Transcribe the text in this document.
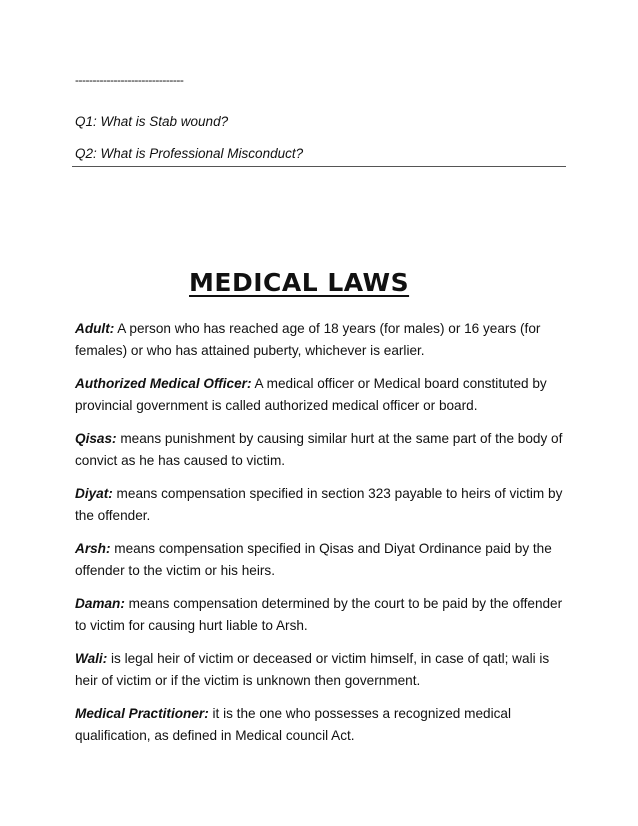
-------------------------------
Q1: What is Stab wound?
Q2: What is Professional Misconduct?
MEDICAL LAWS
Adult: A person who has reached age of 18 years (for males) or 16 years (for females) or who has attained puberty, whichever is earlier.
Authorized Medical Officer: A medical officer or Medical board constituted by provincial government is called authorized medical officer or board.
Qisas: means punishment by causing similar hurt at the same part of the body of convict as he has caused to victim.
Diyat: means compensation specified in section 323 payable to heirs of victim by the offender.
Arsh: means compensation specified in Qisas and Diyat Ordinance paid by the offender to the victim or his heirs.
Daman: means compensation determined by the court to be paid by the offender to victim for causing hurt liable to Arsh.
Wali: is legal heir of victim or deceased or victim himself, in case of qatl; wali is heir of victim or if the victim is unknown then government.
Medical Practitioner: it is the one who possesses a recognized medical qualification, as defined in Medical council Act.
